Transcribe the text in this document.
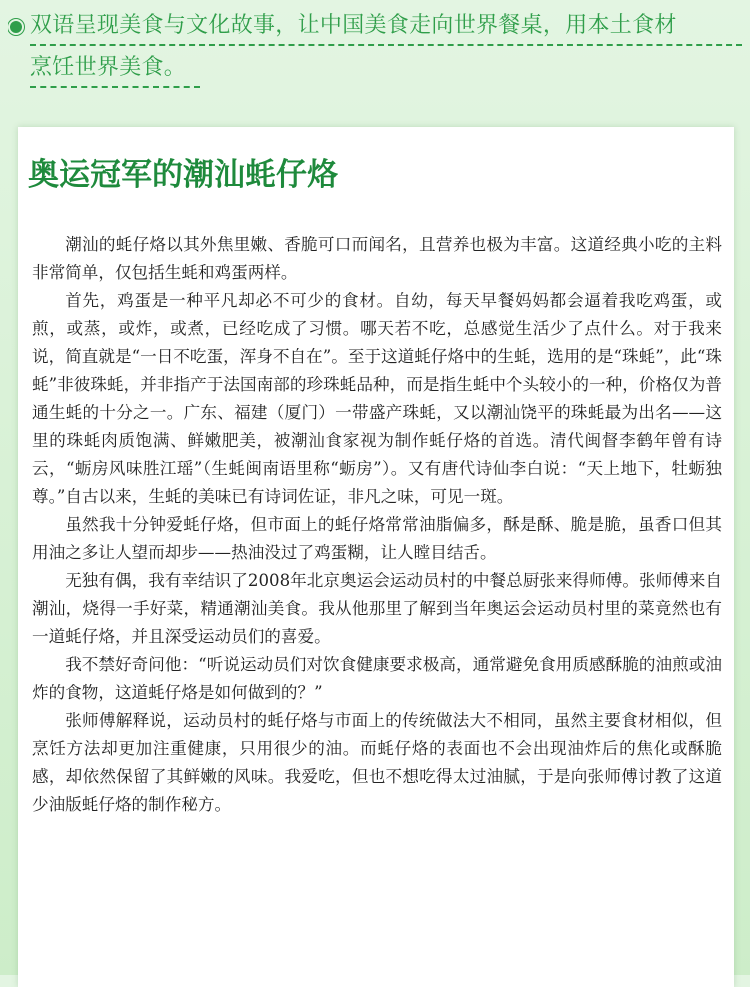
双语呈现美食与文化故事，让中国美食走向世界餐桌，用本土食材
烹饪世界美食。
奥运冠军的潮汕蚝仔烙

潮汕的蚝仔烙以其外焦里嫩、香脆可口而闻名，且营养也极为丰富。这道经典小吃的主料非常简单，仅包括生蚝和鸡蛋两样。

首先，鸡蛋是一种平凡却必不可少的食材。自幼，每天早餐妈妈都会逼着我吃鸡蛋，或煎，或蒸，或炸，或煮，已经吃成了习惯。哪天若不吃，总感觉生活少了点什么。对于我来说，简直就是“一日不吃蛋，浑身不自在”。至于这道蚝仔烙中的生蚝，选用的是“珠蚝”，此“珠蚝”非彼珠蚝，并非指产于法国南部的珍珠蚝品种，而是指生蚝中个头较小的一种，价格仅为普通生蚝的十分之一。广东、福建（厦门）一带盛产珠蚝，又以潮汕饶平的珠蚝最为出名——这里的珠蚝肉质饱满、鲜嫩肥美，被潮汕食家视为制作蚝仔烙的首选。清代闽督李鹤年曾有诗云，“蛎房风味胜江瑶”（生蚝闽南语里称“蛎房”）。又有唐代诗仙李白说：“天上地下，牡蛎独尊。”自古以来，生蚝的美味已有诗词佐证，非凡之味，可见一斑。

虽然我十分钟爱蚝仔烙，但市面上的蚝仔烙常常油脂偏多，酥是酥、脆是脆，虽香口但其用油之多让人望而却步——热油没过了鸡蛋糊，让人瞠目结舌。

无独有偶，我有幸结识了2008年北京奥运会运动员村的中餐总厨张来得师傅。张师傅来自潮汕，烧得一手好菜，精通潮汕美食。我从他那里了解到当年奥运会运动员村里的菜竟然也有一道蚝仔烙，并且深受运动员们的喜爱。

我不禁好奇问他：“听说运动员们对饮食健康要求极高，通常避免食用质感酥脆的油煎或油炸的食物，这道蚝仔烙是如何做到的？”

张师傅解释说，运动员村的蚝仔烙与市面上的传统做法大不相同，虽然主要食材相似，但烹饪方法却更加注重健康，只用很少的油。而蚝仔烙的表面也不会出现油炸后的焦化或酥脆感，却依然保留了其鲜嫩的风味。我爱吃，但也不想吃得太过油腻，于是向张师傅讨教了这道少油版蚝仔烙的制作秘方。
